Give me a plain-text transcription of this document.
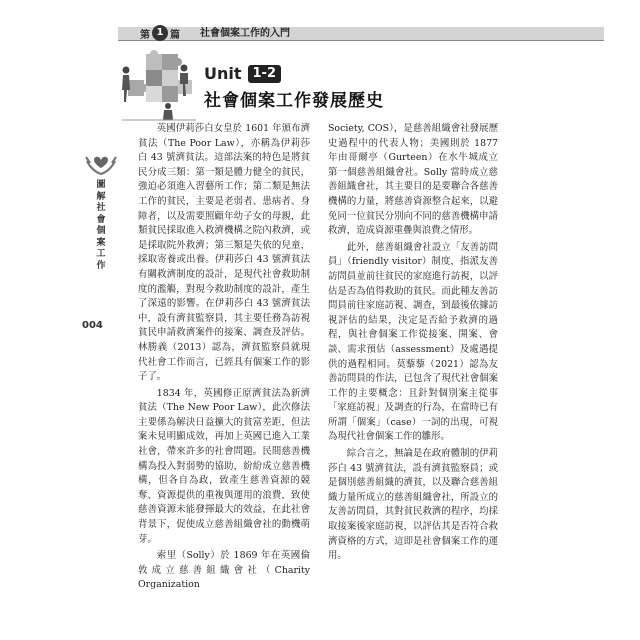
第 1 篇 社會個案工作的入門
Unit 1-2
社會個案工作發展歷史
圖解社會個案工作
004

英國伊莉莎白女皇於 1601 年頒布濟貧法（The Poor Law），亦稱為伊莉莎白 43 號濟貧法。這部法案的特色是將貧民分成三類：第一類是體力健全的貧民，強迫必須進入習藝所工作；第二類是無法工作的貧民，主要是老弱者、患病者、身障者，以及需要照顧年幼子女的母親，此類貧民採取進入救濟機構之院內救濟，或是採取院外救濟；第三類是失依的兒童，採取寄養或出養。伊莉莎白 43 號濟貧法有關救濟制度的設計，是現代社會救助制度的濫觴，對現今救助制度的設計，產生了深遠的影響。在伊莉莎白 43 號濟貧法中，設有濟貧監察員，其主要任務為訪視貧民申請救濟案件的接案、調查及評估。林勝義（2013）認為，濟貧監察員就現代社會工作而言，已經具有個案工作的影子了。

1834 年，英國修正原濟貧法為新濟貧法（The New Poor Law），此次修法主要係為解決日益擴大的貧富差距，但法案未見明顯成效，再加上英國已進入工業社會，帶來許多的社會問題。民間慈善機構為投入對弱勢的協助，紛紛成立慈善機構，但各自為政，致產生慈善資源的競奪、資源提供的重複與運用的浪費，致使慈善資源未能發揮最大的效益，在此社會背景下，促使成立慈善組織會社的動機萌芽。

索里（Solly）於 1869 年在英國倫敦成立慈善組織會社（Charity Organization

Society, COS），是慈善組織會社發展歷史過程中的代表人物；美國則於 1877 年由哥爾亭（Gurteen）在水牛城成立第一個慈善組織會社。Solly 當時成立慈善組織會社，其主要目的是要聯合各慈善機構的力量，將慈善資源整合起來，以避免同一位貧民分別向不同的慈善機構申請救濟，造成資源重疊與浪費之情形。

此外，慈善組織會社設立「友善訪問員」（friendly visitor）制度，指派友善訪問員並前往貧民的家庭進行訪視，以評估是否為值得救助的貧民。而此種友善訪問員前往家庭訪視、調查，到最後依據訪視評估的結果，決定是否給予救濟的過程，與社會個案工作從接案、開案、會談、需求預估（assessment）及處遇提供的過程相同。莫藜藜（2021）認為友善訪問員的作法，已包含了現代社會個案工作的主要概念：且針對個別案主從事「家庭訪視」及調查的行為，在當時已有所謂「個案」（case）一詞的出現，可視為現代社會個案工作的雛形。

綜合言之，無論是在政府體制的伊莉莎白 43 號濟貧法，設有濟貧監察員；或是個別慈善組織的濟貧，以及聯合慈善組織力量所成立的慈善組織會社，所設立的友善訪問員，其對貧民救濟的程序，均採取接案後家庭訪視，以評估其是否符合救濟資格的方式，這即是社會個案工作的運用。
